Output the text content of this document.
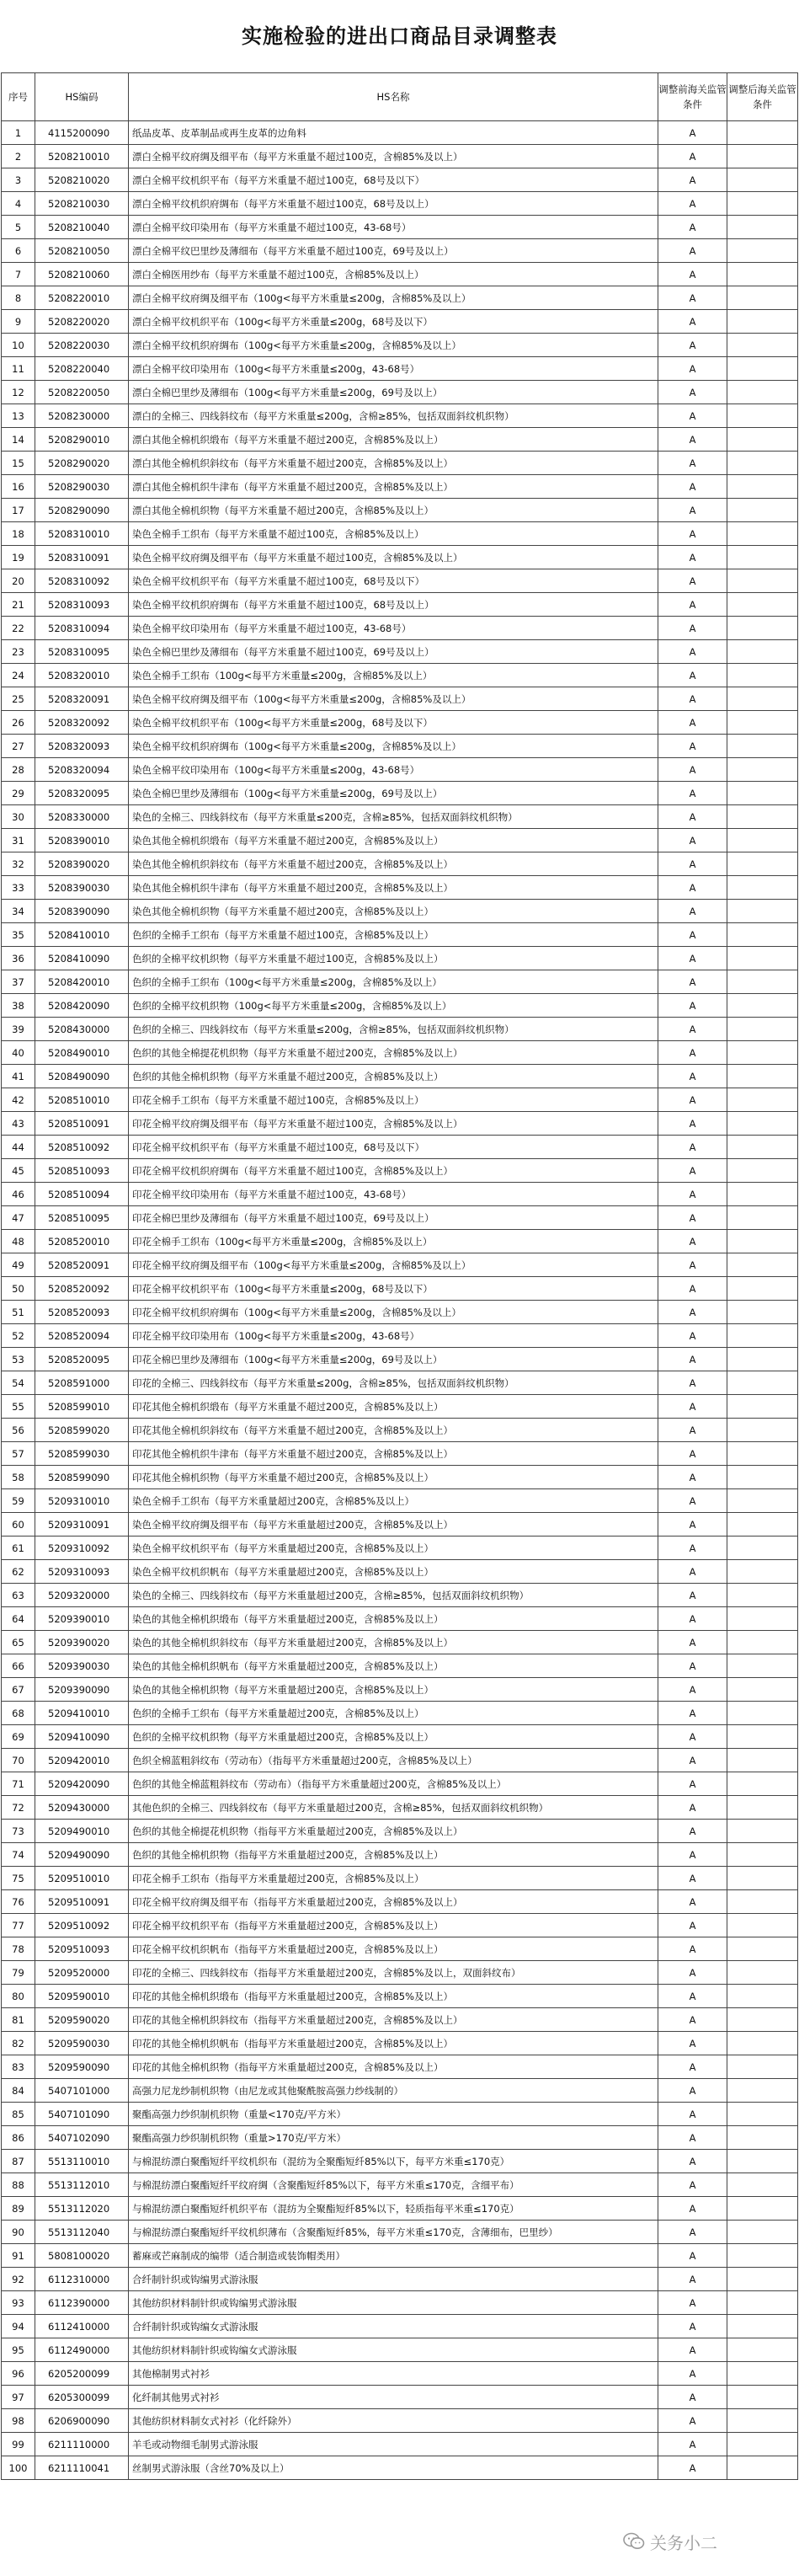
实施检验的进出口商品目录调整表
序号	HS编码	HS名称	调整前海关监管条件	调整后海关监管条件
1	4115200090	纸品皮革、皮革制品或再生皮革的边角料	A	
2	5208210010	漂白全棉平纹府绸及细平布（每平方米重量不超过100克，含棉85%及以上）	A	
3	5208210020	漂白全棉平纹机织平布（每平方米重量不超过100克，68号及以下）	A	
4	5208210030	漂白全棉平纹机织府绸布（每平方米重量不超过100克，68号及以上）	A	
5	5208210040	漂白全棉平纹印染用布（每平方米重量不超过100克，43-68号）	A	
6	5208210050	漂白全棉平纹巴里纱及薄细布（每平方米重量不超过100克，69号及以上）	A	
7	5208210060	漂白全棉医用纱布（每平方米重量不超过100克，含棉85%及以上）	A	
8	5208220010	漂白全棉平纹府绸及细平布（100g<每平方米重量≤200g，含棉85%及以上）	A	
9	5208220020	漂白全棉平纹机织平布（100g<每平方米重量≤200g，68号及以下）	A	
10	5208220030	漂白全棉平纹机织府绸布（100g<每平方米重量≤200g，含棉85%及以上）	A	
11	5208220040	漂白全棉平纹印染用布（100g<每平方米重量≤200g，43-68号）	A	
12	5208220050	漂白全棉巴里纱及薄细布（100g<每平方米重量≤200g，69号及以上）	A	
13	5208230000	漂白的全棉三、四线斜纹布（每平方米重量≤200g，含棉≥85%，包括双面斜纹机织物）	A	
14	5208290010	漂白其他全棉机织缎布（每平方米重量不超过200克，含棉85%及以上）	A	
15	5208290020	漂白其他全棉机织斜纹布（每平方米重量不超过200克，含棉85%及以上）	A	
16	5208290030	漂白其他全棉机织牛津布（每平方米重量不超过200克，含棉85%及以上）	A	
17	5208290090	漂白其他全棉机织物（每平方米重量不超过200克，含棉85%及以上）	A	
18	5208310010	染色全棉手工织布（每平方米重量不超过100克，含棉85%及以上）	A	
19	5208310091	染色全棉平纹府绸及细平布（每平方米重量不超过100克，含棉85%及以上）	A	
20	5208310092	染色全棉平纹机织平布（每平方米重量不超过100克，68号及以下）	A	
21	5208310093	染色全棉平纹机织府绸布（每平方米重量不超过100克，68号及以上）	A	
22	5208310094	染色全棉平纹印染用布（每平方米重量不超过100克，43-68号）	A	
23	5208310095	染色全棉巴里纱及薄细布（每平方米重量不超过100克，69号及以上）	A	
24	5208320010	染色全棉手工织布（100g<每平方米重量≤200g，含棉85%及以上）	A	
25	5208320091	染色全棉平纹府绸及细平布（100g<每平方米重量≤200g，含棉85%及以上）	A	
26	5208320092	染色全棉平纹机织平布（100g<每平方米重量≤200g，68号及以下）	A	
27	5208320093	染色全棉平纹机织府绸布（100g<每平方米重量≤200g，含棉85%及以上）	A	
28	5208320094	染色全棉平纹印染用布（100g<每平方米重量≤200g，43-68号）	A	
29	5208320095	染色全棉巴里纱及薄细布（100g<每平方米重量≤200g，69号及以上）	A	
30	5208330000	染色的全棉三、四线斜纹布（每平方米重量≤200克，含棉≥85%，包括双面斜纹机织物）	A	
31	5208390010	染色其他全棉机织缎布（每平方米重量不超过200克，含棉85%及以上）	A	
32	5208390020	染色其他全棉机织斜纹布（每平方米重量不超过200克，含棉85%及以上）	A	
33	5208390030	染色其他全棉机织牛津布（每平方米重量不超过200克，含棉85%及以上）	A	
34	5208390090	染色其他全棉机织物（每平方米重量不超过200克，含棉85%及以上）	A	
35	5208410010	色织的全棉手工织布（每平方米重量不超过100克，含棉85%及以上）	A	
36	5208410090	色织的全棉平纹机织物（每平方米重量不超过100克，含棉85%及以上）	A	
37	5208420010	色织的全棉手工织布（100g<每平方米重量≤200g，含棉85%及以上）	A	
38	5208420090	色织的全棉平纹机织物（100g<每平方米重量≤200g，含棉85%及以上）	A	
39	5208430000	色织的全棉三、四线斜纹布（每平方米重量≤200g，含棉≥85%，包括双面斜纹机织物）	A	
40	5208490010	色织的其他全棉提花机织物（每平方米重量不超过200克，含棉85%及以上）	A	
41	5208490090	色织的其他全棉机织物（每平方米重量不超过200克，含棉85%及以上）	A	
42	5208510010	印花全棉手工织布（每平方米重量不超过100克，含棉85%及以上）	A	
43	5208510091	印花全棉平纹府绸及细平布（每平方米重量不超过100克，含棉85%及以上）	A	
44	5208510092	印花全棉平纹机织平布（每平方米重量不超过100克，68号及以下）	A	
45	5208510093	印花全棉平纹机织府绸布（每平方米重量不超过100克，含棉85%及以上）	A	
46	5208510094	印花全棉平纹印染用布（每平方米重量不超过100克，43-68号）	A	
47	5208510095	印花全棉巴里纱及薄细布（每平方米重量不超过100克，69号及以上）	A	
48	5208520010	印花全棉手工织布（100g<每平方米重量≤200g，含棉85%及以上）	A	
49	5208520091	印花全棉平纹府绸及细平布（100g<每平方米重量≤200g，含棉85%及以上）	A	
50	5208520092	印花全棉平纹机织平布（100g<每平方米重量≤200g，68号及以下）	A	
51	5208520093	印花全棉平纹机织府绸布（100g<每平方米重量≤200g，含棉85%及以上）	A	
52	5208520094	印花全棉平纹印染用布（100g<每平方米重量≤200g，43-68号）	A	
53	5208520095	印花全棉巴里纱及薄细布（100g<每平方米重量≤200g，69号及以上）	A	
54	5208591000	印花的全棉三、四线斜纹布（每平方米重量≤200g，含棉≥85%，包括双面斜纹机织物）	A	
55	5208599010	印花其他全棉机织缎布（每平方米重量不超过200克，含棉85%及以上）	A	
56	5208599020	印花其他全棉机织斜纹布（每平方米重量不超过200克，含棉85%及以上）	A	
57	5208599030	印花其他全棉机织牛津布（每平方米重量不超过200克，含棉85%及以上）	A	
58	5208599090	印花其他全棉机织物（每平方米重量不超过200克，含棉85%及以上）	A	
59	5209310010	染色全棉手工织布（每平方米重量超过200克，含棉85%及以上）	A	
60	5209310091	染色全棉平纹府绸及细平布（每平方米重量超过200克，含棉85%及以上）	A	
61	5209310092	染色全棉平纹机织平布（每平方米重量超过200克，含棉85%及以上）	A	
62	5209310093	染色全棉平纹机织帆布（每平方米重量超过200克，含棉85%及以上）	A	
63	5209320000	染色的全棉三、四线斜纹布（每平方米重量超过200克，含棉≥85%，包括双面斜纹机织物）	A	
64	5209390010	染色的其他全棉机织缎布（每平方米重量超过200克，含棉85%及以上）	A	
65	5209390020	染色的其他全棉机织斜纹布（每平方米重量超过200克，含棉85%及以上）	A	
66	5209390030	染色的其他全棉机织帆布（每平方米重量超过200克，含棉85%及以上）	A	
67	5209390090	染色的其他全棉机织物（每平方米重量超过200克，含棉85%及以上）	A	
68	5209410010	色织的全棉手工织布（每平方米重量超过200克，含棉85%及以上）	A	
69	5209410090	色织的全棉平纹机织物（每平方米重量超过200克，含棉85%及以上）	A	
70	5209420010	色织全棉蓝粗斜纹布（劳动布）（指每平方米重量超过200克，含棉85%及以上）	A	
71	5209420090	色织的其他全棉蓝粗斜纹布（劳动布）（指每平方米重量超过200克，含棉85%及以上）	A	
72	5209430000	其他色织的全棉三、四线斜纹布（每平方米重量超过200克，含棉≥85%，包括双面斜纹机织物）	A	
73	5209490010	色织的其他全棉提花机织物（指每平方米重量超过200克，含棉85%及以上）	A	
74	5209490090	色织的其他全棉机织物（指每平方米重量超过200克，含棉85%及以上）	A	
75	5209510010	印花全棉手工织布（指每平方米重量超过200克，含棉85%及以上）	A	
76	5209510091	印花全棉平纹府绸及细平布（指每平方米重量超过200克，含棉85%及以上）	A	
77	5209510092	印花全棉平纹机织平布（指每平方米重量超过200克，含棉85%及以上）	A	
78	5209510093	印花全棉平纹机织帆布（指每平方米重量超过200克，含棉85%及以上）	A	
79	5209520000	印花的全棉三、四线斜纹布（指每平方米重量超过200克，含棉85%及以上，双面斜纹布）	A	
80	5209590010	印花的其他全棉机织缎布（指每平方米重量超过200克，含棉85%及以上）	A	
81	5209590020	印花的其他全棉机织斜纹布（指每平方米重量超过200克，含棉85%及以上）	A	
82	5209590030	印花的其他全棉机织帆布（指每平方米重量超过200克，含棉85%及以上）	A	
83	5209590090	印花的其他全棉机织物（指每平方米重量超过200克，含棉85%及以上）	A	
84	5407101000	高强力尼龙纱制机织物（由尼龙或其他聚酰胺高强力纱线制的）	A	
85	5407101090	聚酯高强力纱织制机织物（重量<170克/平方米）	A	
86	5407102090	聚酯高强力纱织制机织物（重量>170克/平方米）	A	
87	5513110010	与棉混纺漂白聚酯短纤平纹机织布（混纺为全聚酯短纤85%以下，每平方米重≤170克）	A	
88	5513112010	与棉混纺漂白聚酯短纤平纹府绸（含聚酯短纤85%以下，每平方米重≤170克，含细平布）	A	
89	5513112020	与棉混纺漂白聚酯短纤机织平布（混纺为全聚酯短纤85%以下，轻质指每平米重≤170克）	A	
90	5513112040	与棉混纺漂白聚酯短纤平纹机织薄布（含聚酯短纤85%，每平方米重≤170克，含薄细布，巴里纱）	A	
91	5808100020	蓄麻或芒麻制成的编带（适合制造或装饰帽类用）	A	
92	6112310000	合纤制针织或钩编男式游泳服	A	
93	6112390000	其他纺织材料制针织或钩编男式游泳服	A	
94	6112410000	合纤制针织或钩编女式游泳服	A	
95	6112490000	其他纺织材料制针织或钩编女式游泳服	A	
96	6205200099	其他棉制男式衬衫	A	
97	6205300099	化纤制其他男式衬衫	A	
98	6206900090	其他纺织材料制女式衬衫（化纤除外）	A	
99	6211110000	羊毛或动物细毛制男式游泳服	A	
100	6211110041	丝制男式游泳服（含丝70%及以上）	A	
关务小二
